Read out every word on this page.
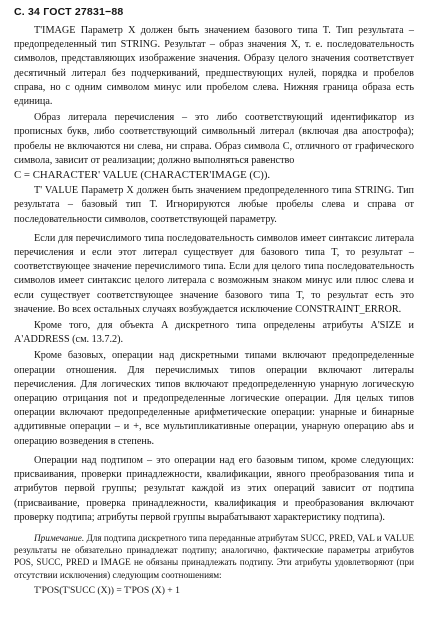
С. 34 ГОСТ 27831−88

T'IMAGE Параметр X должен быть значением базового типа T. Тип результата – предопределенный тип STRING. Результат – образ значения X, т. е. последовательность символов, представляющих изображение значения. Образу целого значения соответствует десятичный литерал без подчеркиваний, предшествующих нулей, порядка и пробелов справа, но с одним символом минус или пробелом слева. Нижняя граница образа есть единица.

Образ литерала перечисления – это либо соответствующий идентификатор из прописных букв, либо соответствующий символьный литерал (включая два апострофа); пробелы не включаются ни слева, ни справа. Образ символа C, отличного от графического символа, зависит от реализации; должно выполняться равенство

C = CHARACTER' VALUE (CHARACTER'IMAGE (C)).

T' VALUE Параметр X должен быть значением предопределенного типа STRING. Тип результата – базовый тип T. Игнорируются любые пробелы слева и справа от последовательности символов, соответствующей параметру.

Если для перечислимого типа последовательность символов имеет синтаксис литерала перечисления и если этот литерал существует для базового типа T, то результат – соответствующее значение перечислимого типа. Если для целого типа последовательность символов имеет синтаксис целого литерала с возможным знаком минус или плюс слева и если существует соответствующее значение базового типа T, то результат есть это значение. Во всех остальных случаях возбуждается исключение CONSTRAINT_ERROR.

Кроме того, для объекта A дискретного типа определены атрибуты A'SIZE и A'ADDRESS (см. 13.7.2).

Кроме базовых, операции над дискретными типами включают предопределенные операции отношения. Для перечислимых типов операции включают литералы перечисления. Для логических типов включают предопределенную унарную логическую операцию отрицания not и предопределенные логические операции. Для целых типов операции включают предопределенные арифметические операции: унарные и бинарные аддитивные операции – и +, все мультипликативные операции, унарную операцию abs и операцию возведения в степень.

Операции над подтипом – это операции над его базовым типом, кроме следующих: присваивания, проверки принадлежности, квалификации, явного преобразования типа и атрибутов первой группы; результат каждой из этих операций зависит от подтипа (присваивание, проверка принадлежности, квалификация и преобразования включают проверку подтипа; атрибуты первой группы вырабатывают характеристику подтипа).

Примечание. Для подтипа дискретного типа переданные атрибутам SUCC, PRED, VAL и VALUE результаты не обязательно принадлежат подтипу; аналогично, фактические параметры атрибутов POS, SUCC, PRED и IMAGE не обязаны принадлежать подтипу. Эти атрибуты удовлетворяют (при отсутствии исключения) следующим соотношениям:

T'POS(T'SUCC (X)) = T'POS (X) + 1
